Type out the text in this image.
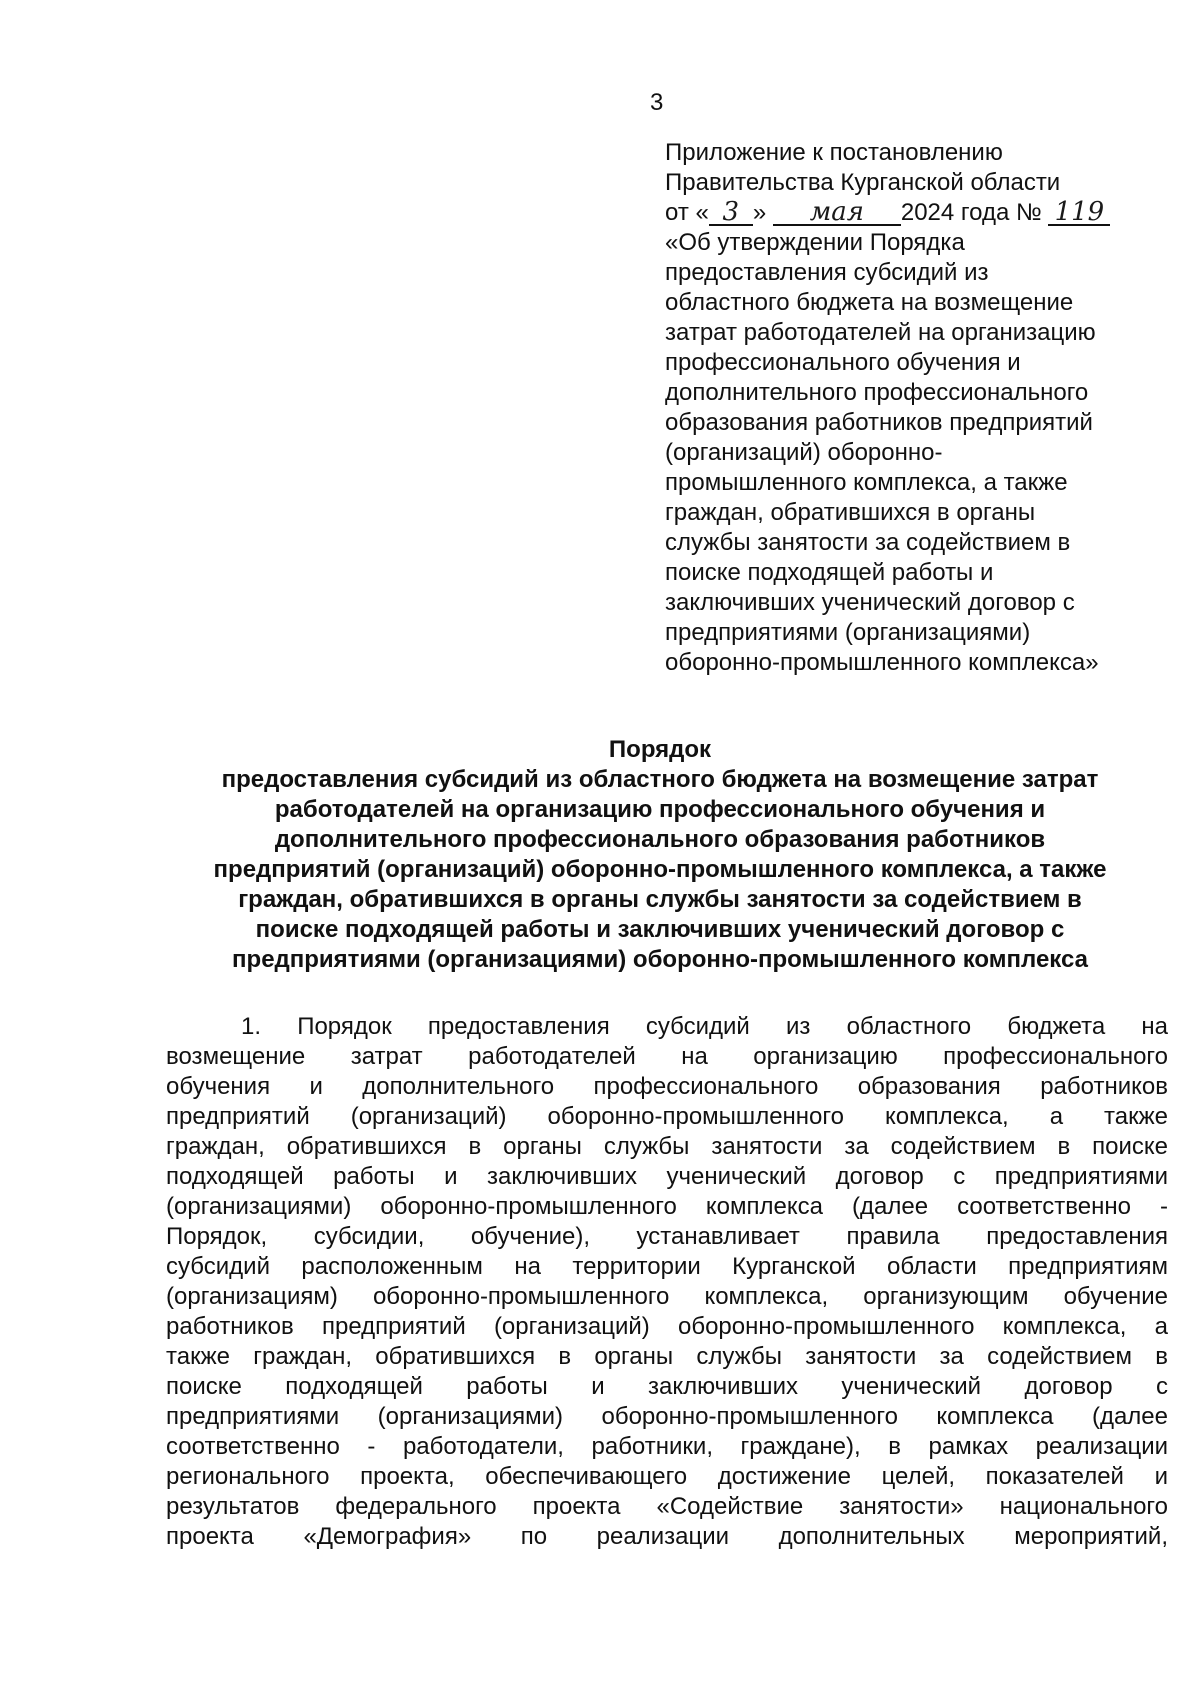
3
Приложение к постановлению
Правительства Курганской области
от « 3 » мая 2024 года № 119
«Об утверждении Порядка
предоставления субсидий из
областного бюджета на возмещение
затрат работодателей на организацию
профессионального обучения и
дополнительного профессионального
образования работников предприятий
(организаций) оборонно-
промышленного комплекса, а также
граждан, обратившихся в органы
службы занятости за содействием в
поиске подходящей работы и
заключивших ученический договор с
предприятиями (организациями)
оборонно-промышленного комплекса»
Порядок
предоставления субсидий из областного бюджета на возмещение затрат
работодателей на организацию профессионального обучения и
дополнительного профессионального образования работников
предприятий (организаций) оборонно-промышленного комплекса, а также
граждан, обратившихся в органы службы занятости за содействием в
поиске подходящей работы и заключивших ученический договор с
предприятиями (организациями) оборонно-промышленного комплекса
1. Порядок предоставления субсидий из областного бюджета на
возмещение затрат работодателей на организацию профессионального
обучения и дополнительного профессионального образования работников
предприятий (организаций) оборонно-промышленного комплекса, а также
граждан, обратившихся в органы службы занятости за содействием в поиске
подходящей работы и заключивших ученический договор с предприятиями
(организациями) оборонно-промышленного комплекса (далее соответственно -
Порядок, субсидии, обучение), устанавливает правила предоставления
субсидий расположенным на территории Курганской области предприятиям
(организациям) оборонно-промышленного комплекса, организующим обучение
работников предприятий (организаций) оборонно-промышленного комплекса, а
также граждан, обратившихся в органы службы занятости за содействием в
поиске подходящей работы и заключивших ученический договор с
предприятиями (организациями) оборонно-промышленного комплекса (далее
соответственно - работодатели, работники, граждане), в рамках реализации
регионального проекта, обеспечивающего достижение целей, показателей и
результатов федерального проекта «Содействие занятости» национального
проекта «Демография» по реализации дополнительных мероприятий,
